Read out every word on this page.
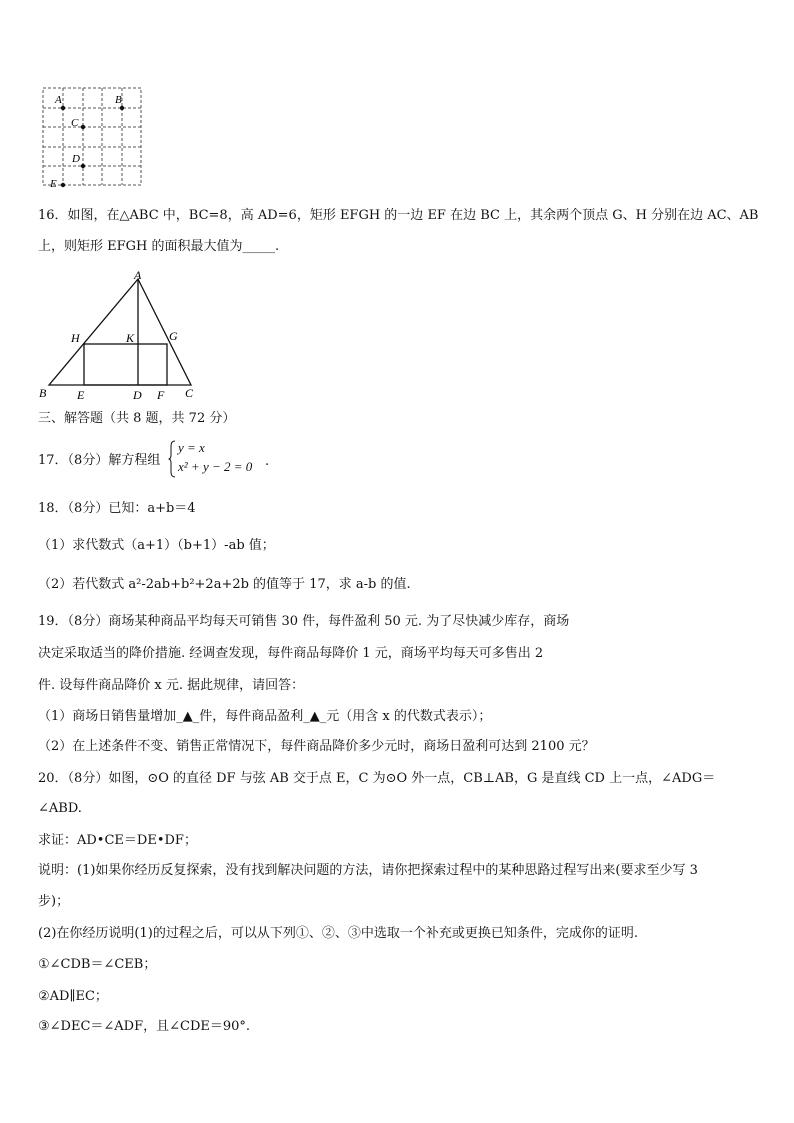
A	B
C
D
E
16．如图，在△ABC 中，BC=8，高 AD=6，矩形 EFGH 的一边 EF 在边 BC 上，其余两个顶点 G、H 分别在边 AC、AB
上，则矩形 EFGH 的面积最大值为_____.
A
H	K	G
B	E	D F C
三、解答题（共 8 题，共 72 分）
17．（8分）解方程组
y = x
x² + y − 2 = 0 .
18．（8分）已知：a+b＝4
（1）求代数式（a+1）（b+1）-ab 值；
（2）若代数式 a²-2ab+b²+2a+2b 的值等于 17，求 a-b 的值.
19．（8分）商场某种商品平均每天可销售 30 件，每件盈利 50 元. 为了尽快减少库存，商场
决定采取适当的降价措施. 经调查发现，每件商品每降价 1 元，商场平均每天可多售出 2
件. 设每件商品降价 x 元. 据此规律，请回答：
（1）商场日销售量增加_▲_件，每件商品盈利_▲_元（用含 x 的代数式表示）；
（2）在上述条件不变、销售正常情况下，每件商品降价多少元时，商场日盈利可达到 2100 元？
20．（8分）如图，⊙O 的直径 DF 与弦 AB 交于点 E，C 为⊙O 外一点，CB⊥AB，G 是直线 CD 上一点，∠ADG＝
∠ABD.
求证：AD•CE＝DE•DF；
说明：(1)如果你经历反复探索，没有找到解决问题的方法，请你把探索过程中的某种思路过程写出来(要求至少写 3
步)；
(2)在你经历说明(1)的过程之后，可以从下列①、②、③中选取一个补充或更换已知条件，完成你的证明.
①∠CDB＝∠CEB；
②AD∥EC；
③∠DEC＝∠ADF，且∠CDE＝90°.
